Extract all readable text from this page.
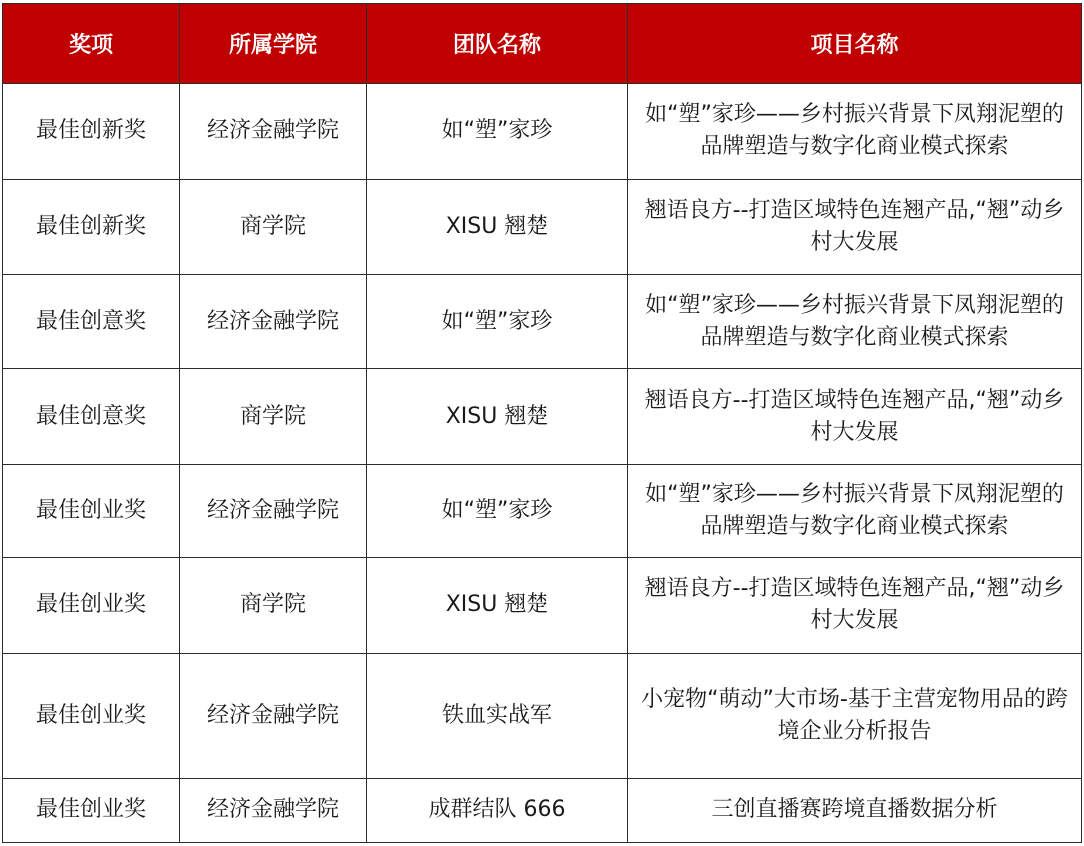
奖项	所属学院	团队名称	项目名称
最佳创新奖	经济金融学院	如“塑”家珍	如“塑”家珍——乡村振兴背景下凤翔泥塑的品牌塑造与数字化商业模式探索
最佳创新奖	商学院	XISU 翘楚	翘语良方--打造区域特色连翘产品,“翘”动乡村大发展
最佳创意奖	经济金融学院	如“塑”家珍	如“塑”家珍——乡村振兴背景下凤翔泥塑的品牌塑造与数字化商业模式探索
最佳创意奖	商学院	XISU 翘楚	翘语良方--打造区域特色连翘产品,“翘”动乡村大发展
最佳创业奖	经济金融学院	如“塑”家珍	如“塑”家珍——乡村振兴背景下凤翔泥塑的品牌塑造与数字化商业模式探索
最佳创业奖	商学院	XISU 翘楚	翘语良方--打造区域特色连翘产品,“翘”动乡村大发展
最佳创业奖	经济金融学院	铁血实战军	小宠物“萌动”大市场-基于主营宠物用品的跨境企业分析报告
最佳创业奖	经济金融学院	成群结队 666	三创直播赛跨境直播数据分析
